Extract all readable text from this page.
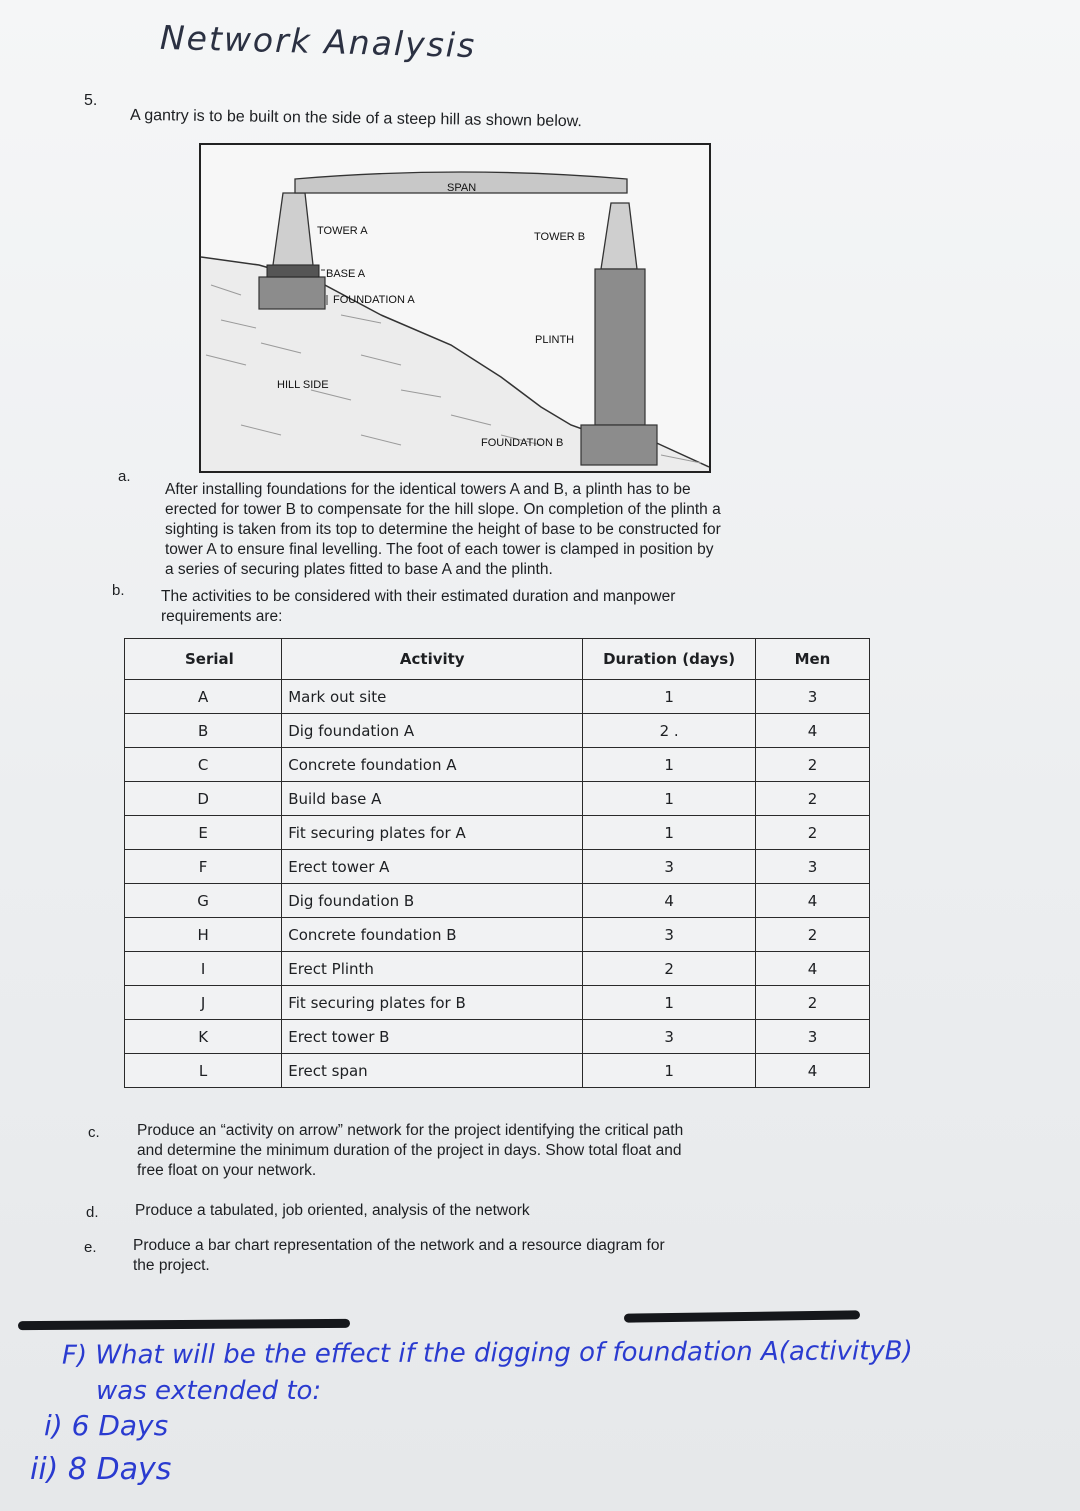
Network Analysis
5.
A gantry is to be built on the side of a steep hill as shown below.
SPAN
TOWER A	TOWER B
BASE A
FOUNDATION A
PLINTH
HILL SIDE
FOUNDATION B
a.
After installing foundations for the identical towers A and B, a plinth has to be
erected for tower B to compensate for the hill slope. On completion of the plinth a
sighting is taken from its top to determine the height of base to be constructed for
tower A to ensure final levelling. The foot of each tower is clamped in position by
a series of securing plates fitted to base A and the plinth.
b. The activities to be considered with their estimated duration and manpower
requirements are:
Serial	Activity	Duration (days)	Men
A	Mark out site	1	3
B	Dig foundation A	2 .	4
C	Concrete foundation A	1	2
D	Build base A	1	2
E	Fit securing plates for A	1	2
F	Erect tower A	3	3
G	Dig foundation B	4	4
H	Concrete foundation B	3	2
I	Erect Plinth	2	4
J	Fit securing plates for B	1	2
K	Erect tower B	3	3
L	Erect span	1	4
c. Produce an “activity on arrow” network for the project identifying the critical path
and determine the minimum duration of the project in days. Show total float and
free float on your network.
d. Produce a tabulated, job oriented, analysis of the network
e. Produce a bar chart representation of the network and a resource diagram for
the project.
F) What will be the effect if the digging of foundation A(activityB)
was extended to:
i) 6 Days
ii) 8 Days
